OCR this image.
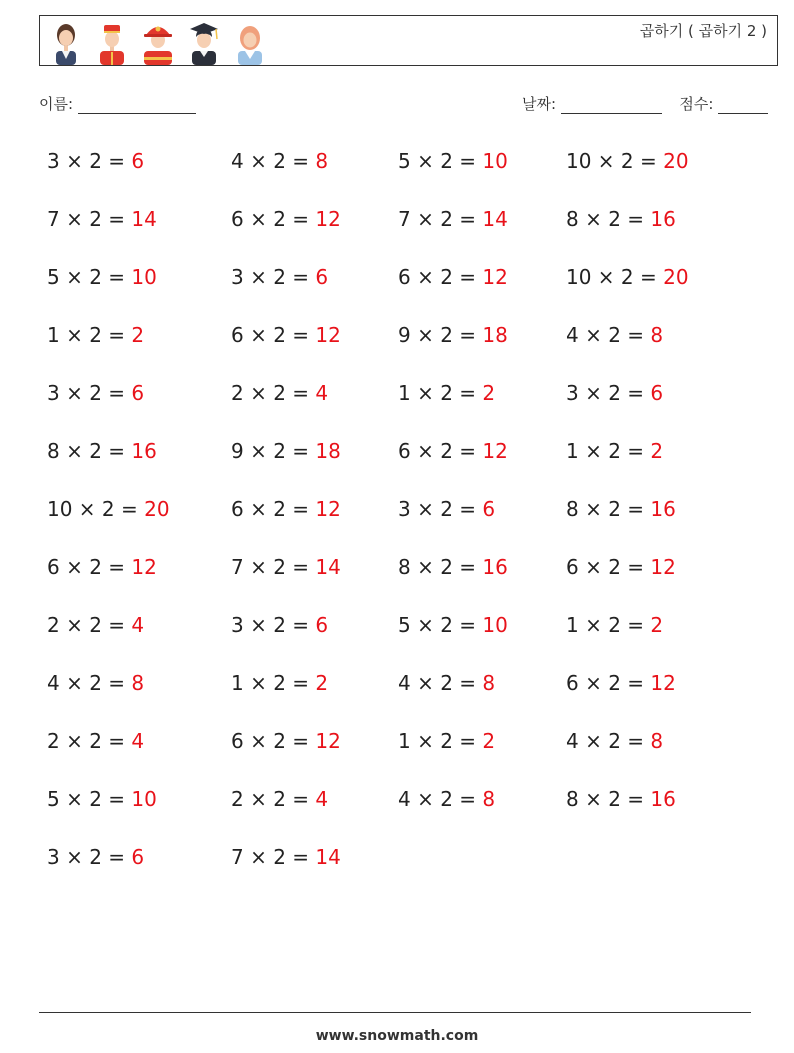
곱하기 ( 곱하기 2 )
이름:	날짜:	점수:
3 × 2 = 6	4 × 2 = 8	5 × 2 = 10	10 × 2 = 20
7 × 2 = 14	6 × 2 = 12	7 × 2 = 14	8 × 2 = 16
5 × 2 = 10	3 × 2 = 6	6 × 2 = 12	10 × 2 = 20
1 × 2 = 2	6 × 2 = 12	9 × 2 = 18	4 × 2 = 8
3 × 2 = 6	2 × 2 = 4	1 × 2 = 2	3 × 2 = 6
8 × 2 = 16	9 × 2 = 18	6 × 2 = 12	1 × 2 = 2
10 × 2 = 20	6 × 2 = 12	3 × 2 = 6	8 × 2 = 16
6 × 2 = 12	7 × 2 = 14	8 × 2 = 16	6 × 2 = 12
2 × 2 = 4	3 × 2 = 6	5 × 2 = 10	1 × 2 = 2
4 × 2 = 8	1 × 2 = 2	4 × 2 = 8	6 × 2 = 12
2 × 2 = 4	6 × 2 = 12	1 × 2 = 2	4 × 2 = 8
5 × 2 = 10	2 × 2 = 4	4 × 2 = 8	8 × 2 = 16
3 × 2 = 6	7 × 2 = 14
www.snowmath.com
